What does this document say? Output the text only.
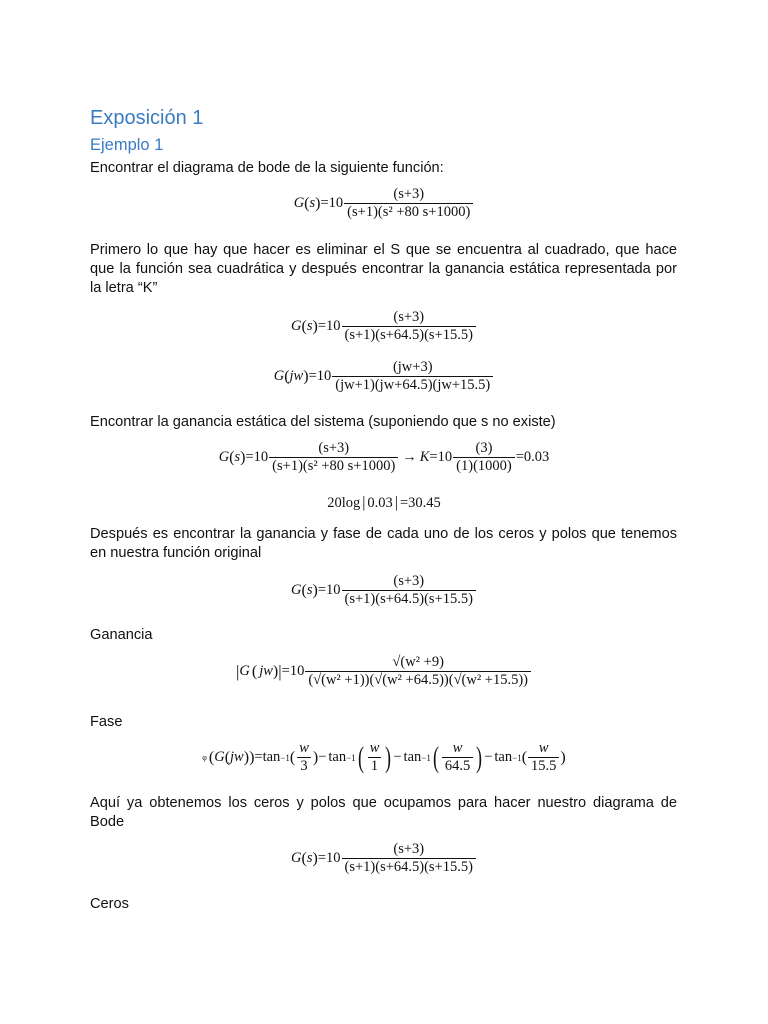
Exposición 1
Ejemplo 1
Encontrar el diagrama de bode de la siguiente función:
G ( s ) $=10 \frac{(s+3)}{\text{(s+1)(s² +80 s+1000)}}$
Primero lo que hay que hacer es eliminar el S que se encuentra al cuadrado, que hace que la función sea cuadrática y después encontrar la ganancia estática representada por la letra “K”
G ( s ) $=10 \frac{(s+3)}{(s+1)(s+64.5)(s+15.5)}$
G ( jw ) $=10 \frac{(jw+3)}{(jw+1)(jw+64.5)(jw+15.5)}$
Encontrar la ganancia estática del sistema (suponiendo que s no existe)
G ( s ) $=10 \frac{(s+3)}{\text{(s+1)(s² +80 s+1000)}} \to K =10 \frac{(3)}{(1)(1000)} =0.03$
20log | 0.03 | =30.45
Después es encontrar la ganancia y fase de cada uno de los ceros y polos que tenemos en nuestra función original
G ( s ) $=10 \frac{(s+3)}{(s+1)(s+64.5)(s+15.5)}$
Ganancia
| G ( jw ) | $=10 \frac{\text{√(w² +9)}}{\text{(√(w² +1))(√(w² +64.5))(√(w² +15.5))}}$
Fase
φ ( G ( jw ) ) = tan −1 ( $\frac{w}{3}$ ) − tan −1 ( $\frac{w}{1}$ ) − tan −1 ( $\frac{w}{64.5}$ ) − tan −1 ( $\frac{w}{15.5}$ )
Aquí ya obtenemos los ceros y polos que ocupamos para hacer nuestro diagrama de Bode
G ( s ) $=10 \frac{(s+3)}{(s+1)(s+64.5)(s+15.5)}$
Ceros
